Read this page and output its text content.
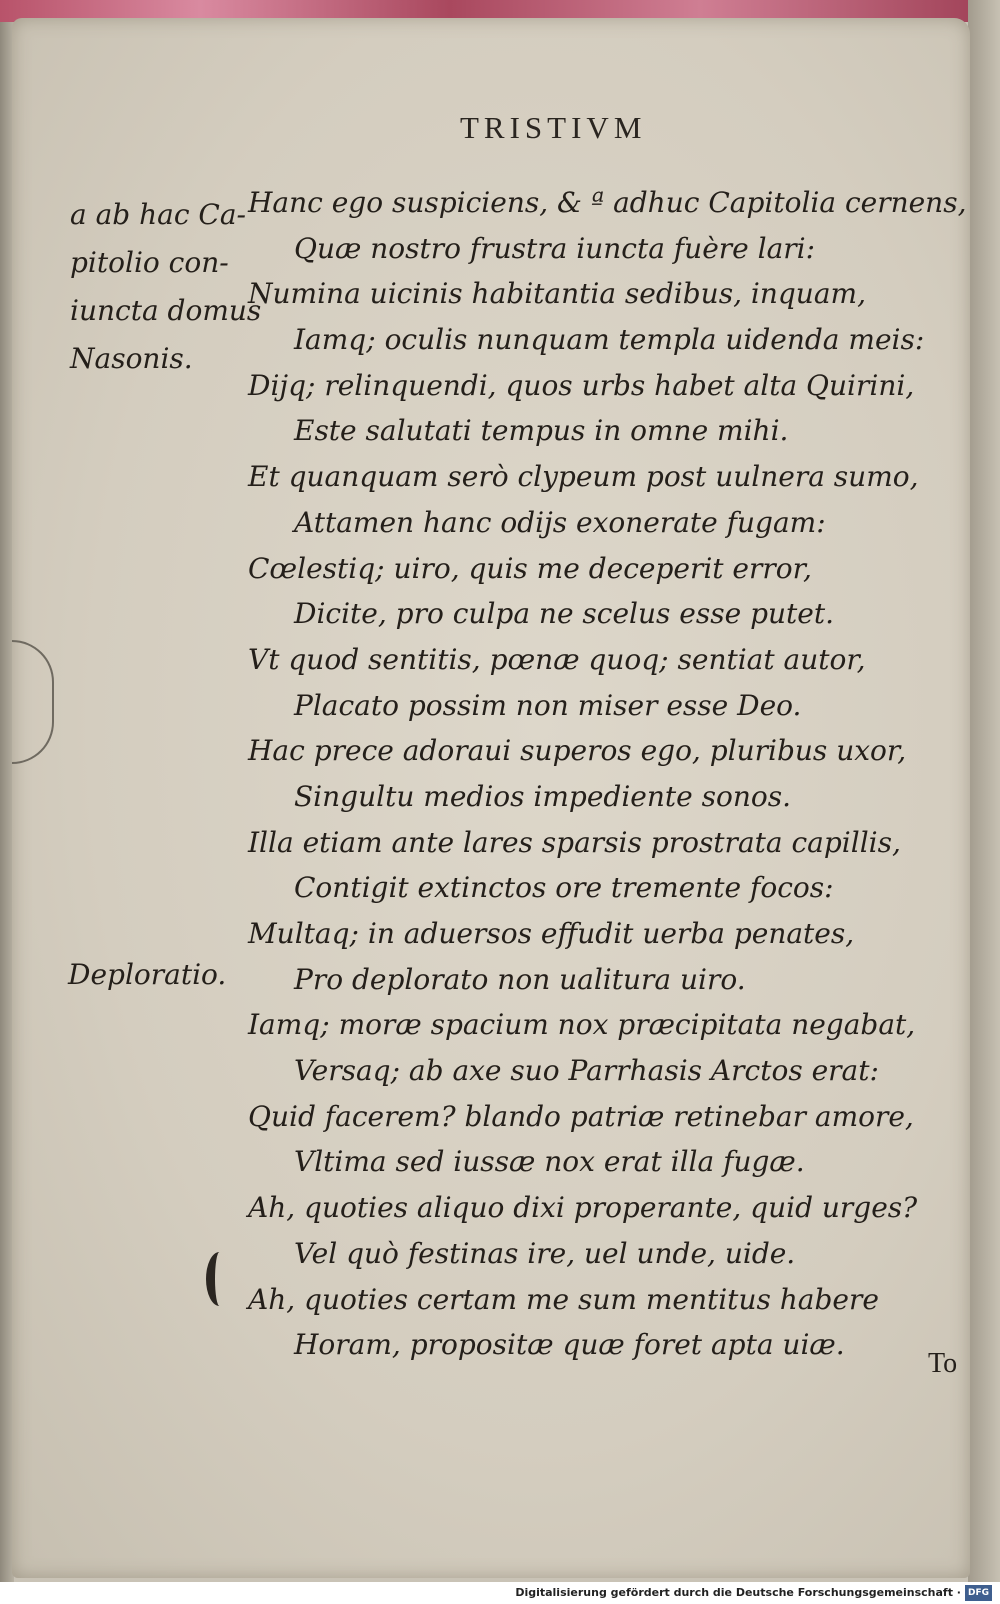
TRISTIVM
a ab hac Ca-
pitolio con-
iuncta domus
Nasonis.
Deploratio.
Hanc ego suspiciens, & ª adhuc Capitolia cernens,
Quæ nostro frustra iuncta fuère lari:
Numina uicinis habitantia sedibus, inquam,
Iamq; oculis nunquam templa uidenda meis:
Dijq; relinquendi, quos urbs habet alta Quirini,
Este salutati tempus in omne mihi.
Et quanquam serò clypeum post uulnera sumo,
Attamen hanc odijs exonerate fugam:
Cœlestiq; uiro, quis me deceperit error,
Dicite, pro culpa ne scelus esse putet.
Vt quod sentitis, pœnæ quoq; sentiat autor,
Placato possim non miser esse Deo.
Hac prece adoraui superos ego, pluribus uxor,
Singultu medios impediente sonos.
Illa etiam ante lares sparsis prostrata capillis,
Contigit extinctos ore tremente focos:
Multaq; in aduersos effudit uerba penates,
Pro deplorato non ualitura uiro.
Iamq; moræ spacium nox præcipitata negabat,
Versaq; ab axe suo Parrhasis Arctos erat:
Quid facerem? blando patriæ retinebar amore,
Vltima sed iussæ nox erat illa fugæ.
Ah, quoties aliquo dixi properante, quid urges?
Vel quò festinas ire, uel unde, uide.
Ah, quoties certam me sum mentitus habere
Horam, propositæ quæ foret apta uiæ.
To
Digitalisierung gefördert durch die Deutsche Forschungsgemeinschaft · DFG
